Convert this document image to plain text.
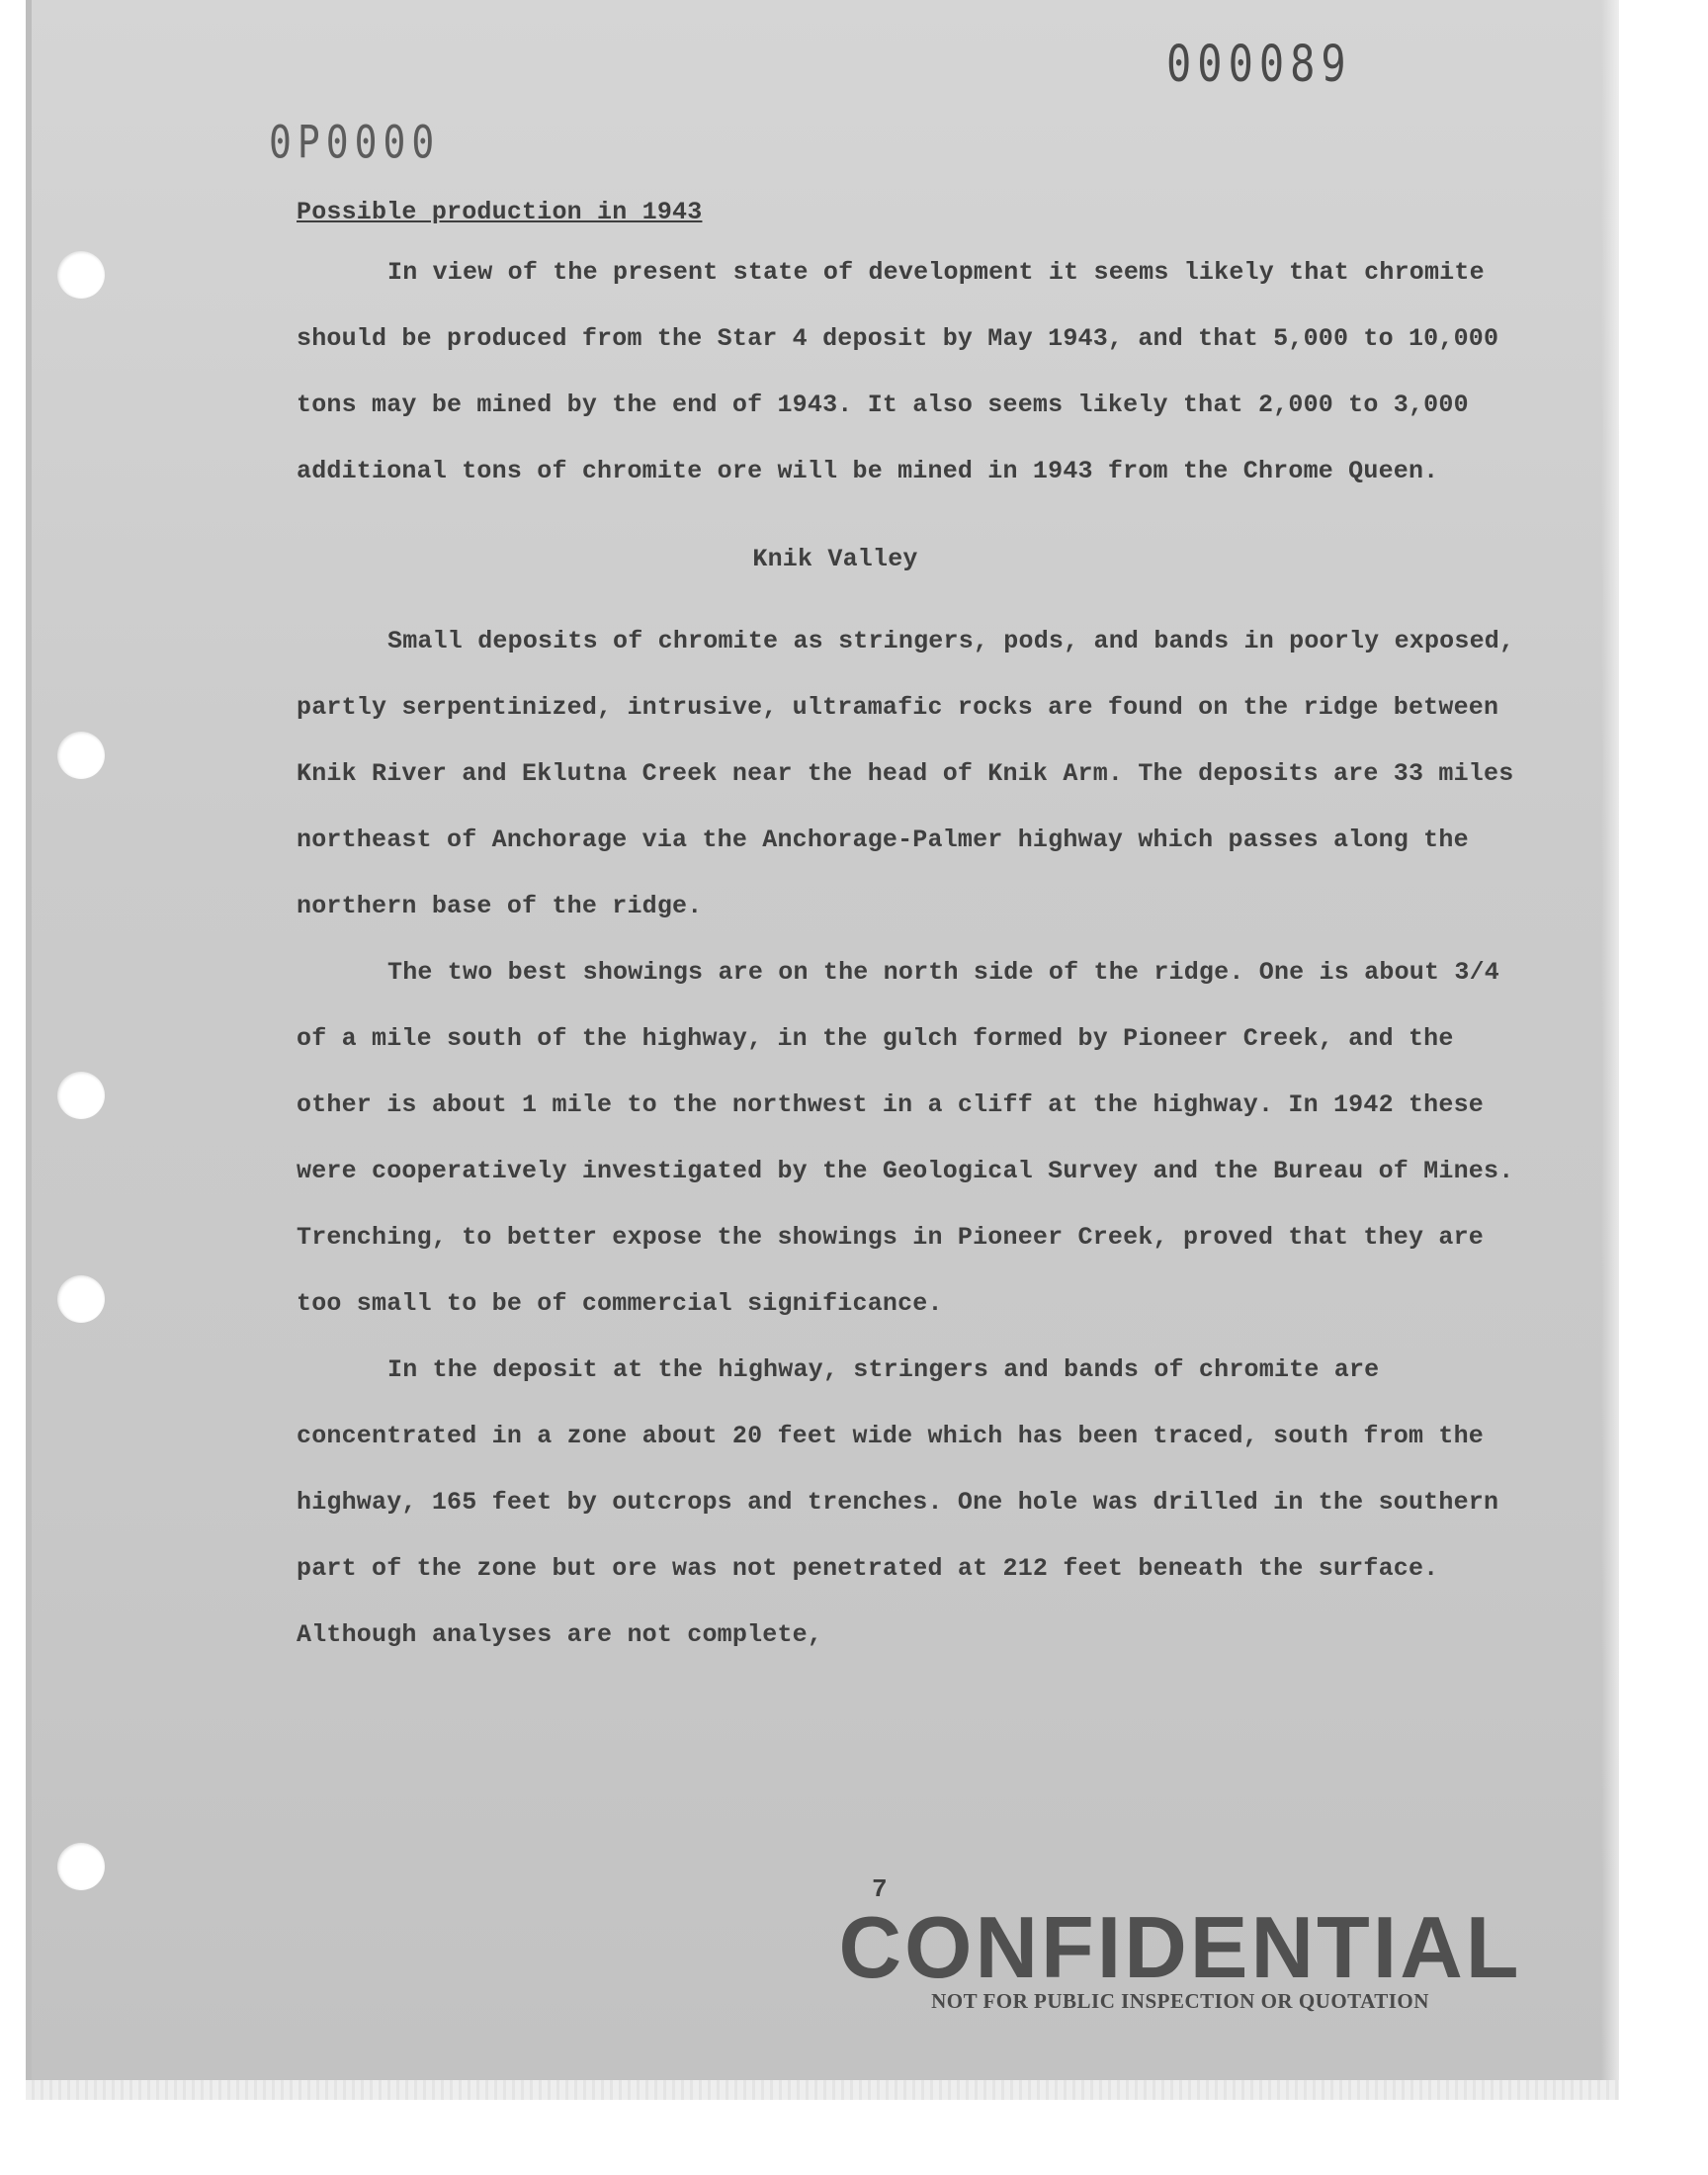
000089
0P0000
Possible production in 1943

In view of the present state of development it seems likely that chromite should be produced from the Star 4 deposit by May 1943, and that 5,000 to 10,000 tons may be mined by the end of 1943. It also seems likely that 2,000 to 3,000 additional tons of chromite ore will be mined in 1943 from the Chrome Queen.

Knik Valley

Small deposits of chromite as stringers, pods, and bands in poorly exposed, partly serpentinized, intrusive, ultramafic rocks are found on the ridge between Knik River and Eklutna Creek near the head of Knik Arm. The deposits are 33 miles northeast of Anchorage via the Anchorage-Palmer highway which passes along the northern base of the ridge.

The two best showings are on the north side of the ridge. One is about 3/4 of a mile south of the highway, in the gulch formed by Pioneer Creek, and the other is about 1 mile to the northwest in a cliff at the highway. In 1942 these were cooperatively investigated by the Geological Survey and the Bureau of Mines. Trenching, to better expose the showings in Pioneer Creek, proved that they are too small to be of commercial significance.

In the deposit at the highway, stringers and bands of chromite are concentrated in a zone about 20 feet wide which has been traced, south from the highway, 165 feet by outcrops and trenches. One hole was drilled in the southern part of the zone but ore was not penetrated at 212 feet beneath the surface. Although analyses are not complete,

7
CONFIDENTIAL
NOT FOR PUBLIC INSPECTION OR QUOTATION
